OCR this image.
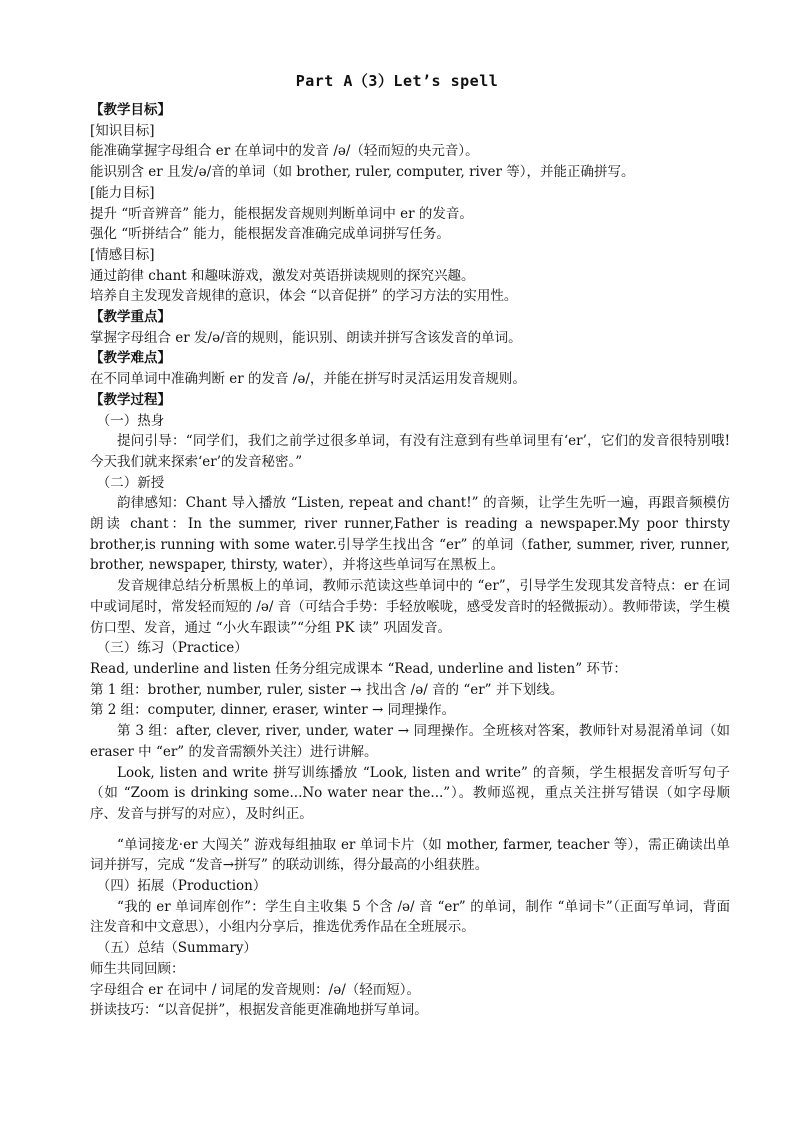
Part A（3）Let’s spell
【教学目标】
[知识目标]
能准确掌握字母组合 er 在单词中的发音 /ə/（轻而短的央元音）。
能识别含 er 且发/ə/音的单词（如 brother, ruler, computer, river 等），并能正确拼写。
[能力目标]
提升 “听音辨音” 能力，能根据发音规则判断单词中 er 的发音。
强化 “听拼结合” 能力，能根据发音准确完成单词拼写任务。
[情感目标]
通过韵律 chant 和趣味游戏，激发对英语拼读规则的探究兴趣。
培养自主发现发音规律的意识，体会 “以音促拼” 的学习方法的实用性。
【教学重点】
掌握字母组合 er 发/ə/音的规则，能识别、朗读并拼写含该发音的单词。
【教学难点】
在不同单词中准确判断 er 的发音 /ə/，并能在拼写时灵活运用发音规则。
【教学过程】
（一）热身
提问引导：“同学们，我们之前学过很多单词，有没有注意到有些单词里有‘er’，它们的发音很特别哦! 今天我们就来探索‘er’的发音秘密。”
（二）新授
韵律感知：Chant 导入播放 “Listen, repeat and chant!” 的音频，让学生先听一遍，再跟音频模仿朗读 chant：In the summer, river runner,Father is reading a newspaper.My poor thirsty brother,is running with some water.引导学生找出含 “er” 的单词（father, summer, river, runner, brother, newspaper, thirsty, water），并将这些单词写在黑板上。
发音规律总结分析黑板上的单词，教师示范读这些单词中的 “er”，引导学生发现其发音特点：er 在词中或词尾时，常发轻而短的 /ə/ 音（可结合手势：手轻放喉咙，感受发音时的轻微振动）。教师带读，学生模仿口型、发音，通过 “小火车跟读”“分组 PK 读” 巩固发音。
（三）练习（Practice）
Read, underline and listen 任务分组完成课本 “Read, underline and listen” 环节：
第 1 组：brother, number, ruler, sister → 找出含 /ə/ 音的 “er” 并下划线。
第 2 组：computer, dinner, eraser, winter → 同理操作。
第 3 组：after, clever, river, under, water → 同理操作。全班核对答案，教师针对易混淆单词（如 eraser 中 “er” 的发音需额外关注）进行讲解。
Look, listen and write 拼写训练播放 “Look, listen and write” 的音频，学生根据发音听写句子（如 “Zoom is drinking some...No water near the...”）。教师巡视，重点关注拼写错误（如字母顺序、发音与拼写的对应），及时纠正。
“单词接龙·er 大闯关” 游戏每组抽取 er 单词卡片（如 mother, farmer, teacher 等），需正确读出单词并拼写，完成 “发音→拼写” 的联动训练，得分最高的小组获胜。
（四）拓展（Production）
“我的 er 单词库创作”：学生自主收集 5 个含 /ə/ 音 “er” 的单词，制作 “单词卡”（正面写单词，背面注发音和中文意思），小组内分享后，推选优秀作品在全班展示。
（五）总结（Summary）
师生共同回顾：
字母组合 er 在词中 / 词尾的发音规则：/ə/（轻而短）。
拼读技巧：“以音促拼”，根据发音能更准确地拼写单词。
